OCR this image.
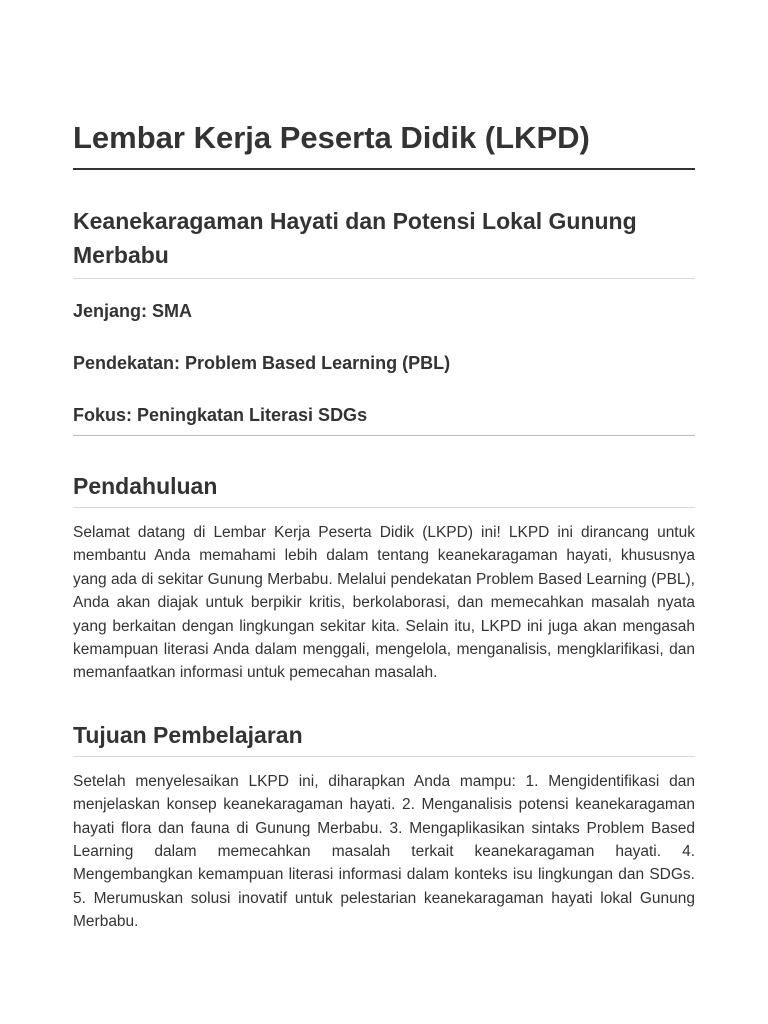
Lembar Kerja Peserta Didik (LKPD)
Keanekaragaman Hayati dan Potensi Lokal Gunung Merbabu

Jenjang: SMA

Pendekatan: Problem Based Learning (PBL)

Fokus: Peningkatan Literasi SDGs

Pendahuluan

Selamat datang di Lembar Kerja Peserta Didik (LKPD) ini! LKPD ini dirancang untuk membantu Anda memahami lebih dalam tentang keanekaragaman hayati, khususnya yang ada di sekitar Gunung Merbabu. Melalui pendekatan Problem Based Learning (PBL), Anda akan diajak untuk berpikir kritis, berkolaborasi, dan memecahkan masalah nyata yang berkaitan dengan lingkungan sekitar kita. Selain itu, LKPD ini juga akan mengasah kemampuan literasi Anda dalam menggali, mengelola, menganalisis, mengklarifikasi, dan memanfaatkan informasi untuk pemecahan masalah.

Tujuan Pembelajaran

Setelah menyelesaikan LKPD ini, diharapkan Anda mampu: 1. Mengidentifikasi dan menjelaskan konsep keanekaragaman hayati. 2. Menganalisis potensi keanekaragaman hayati flora dan fauna di Gunung Merbabu. 3. Mengaplikasikan sintaks Problem Based Learning dalam memecahkan masalah terkait keanekaragaman hayati. 4. Mengembangkan kemampuan literasi informasi dalam konteks isu lingkungan dan SDGs. 5. Merumuskan solusi inovatif untuk pelestarian keanekaragaman hayati lokal Gunung Merbabu.
